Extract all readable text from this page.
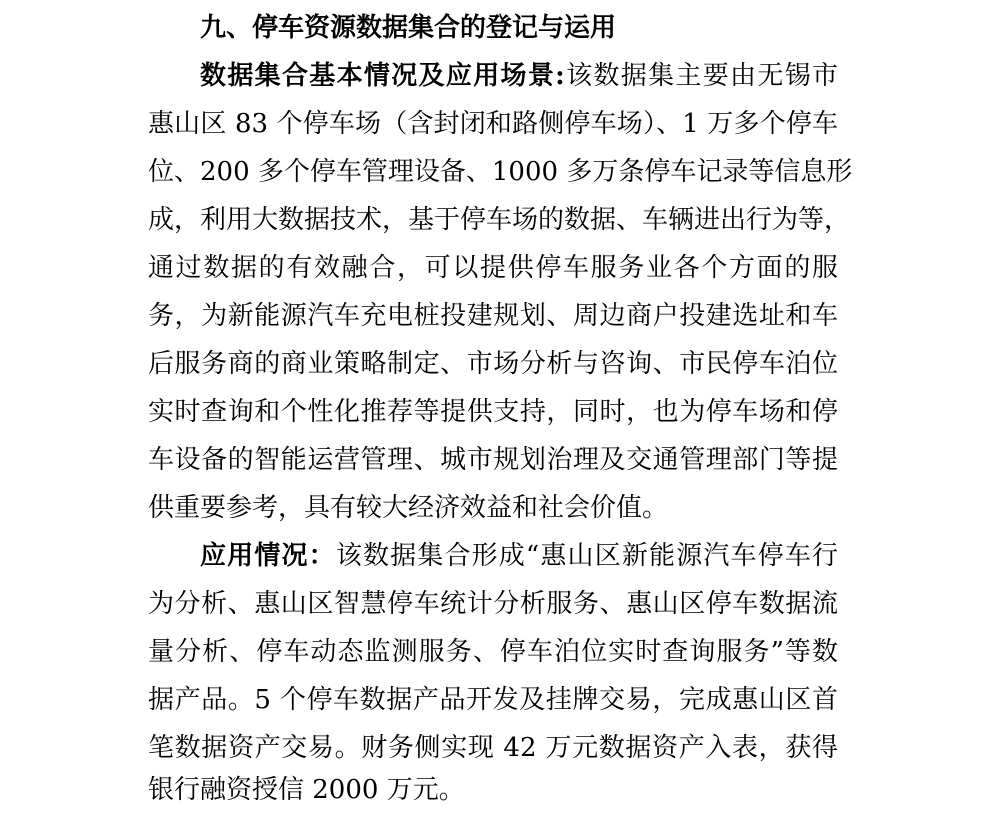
九、停车资源数据集合的登记与运用
数据集合基本情况及应用场景:该数据集主要由无锡市
惠山区 83 个停车场（含封闭和路侧停车场）、1 万多个停车
位、200 多个停车管理设备、1000 多万条停车记录等信息形
成，利用大数据技术，基于停车场的数据、车辆进出行为等，
通过数据的有效融合，可以提供停车服务业各个方面的服
务，为新能源汽车充电桩投建规划、周边商户投建选址和车
后服务商的商业策略制定、市场分析与咨询、市民停车泊位
实时查询和个性化推荐等提供支持，同时，也为停车场和停
车设备的智能运营管理、城市规划治理及交通管理部门等提
供重要参考，具有较大经济效益和社会价值。
应用情况：该数据集合形成“惠山区新能源汽车停车行
为分析、惠山区智慧停车统计分析服务、惠山区停车数据流
量分析、停车动态监测服务、停车泊位实时查询服务”等数
据产品。5 个停车数据产品开发及挂牌交易，完成惠山区首
笔数据资产交易。财务侧实现 42 万元数据资产入表，获得
银行融资授信 2000 万元。
